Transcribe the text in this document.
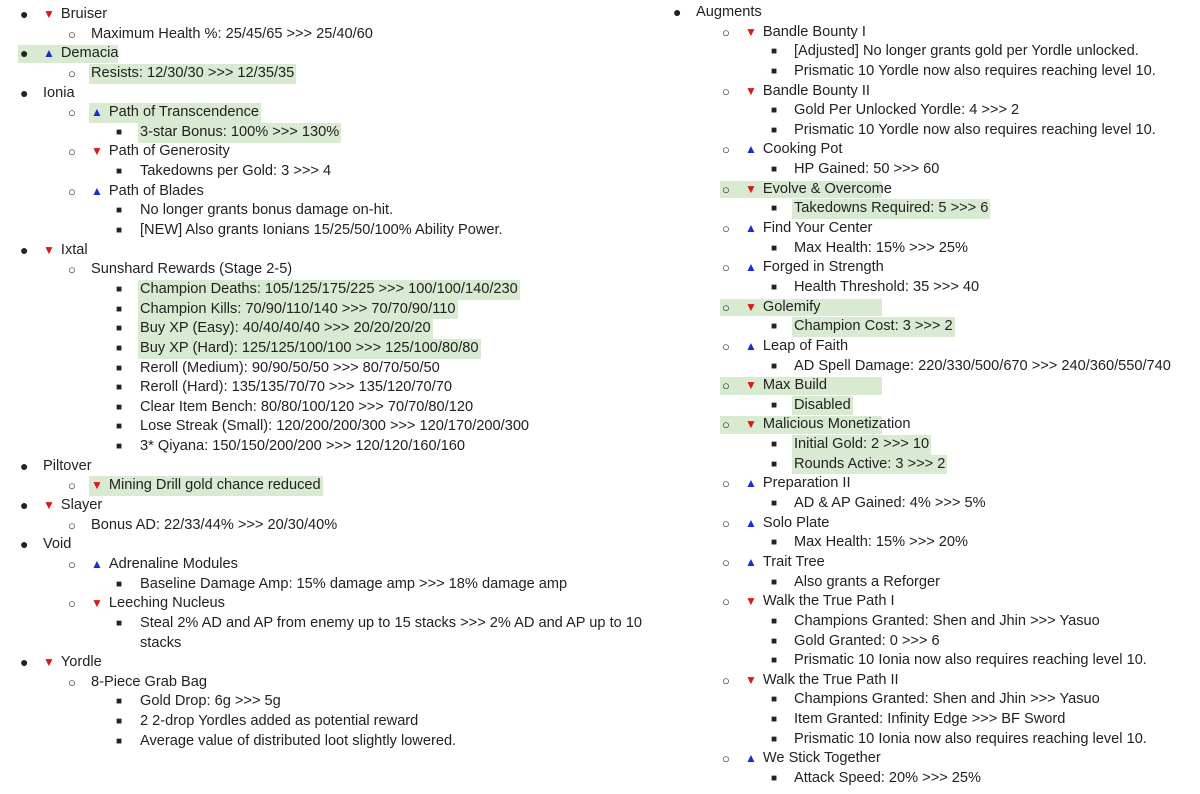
● ▼ Bruiser
○ Maximum Health %: 25/45/65 >>> 25/40/60
● ▲ Demacia
○ Resists: 12/30/30 >>> 12/35/35
● Ionia
○ ▲ Path of Transcendence
■ 3-star Bonus: 100% >>> 130%
○ ▼ Path of Generosity
■ Takedowns per Gold: 3 >>> 4
○ ▲ Path of Blades
■ No longer grants bonus damage on-hit.
■ [NEW] Also grants Ionians 15/25/50/100% Ability Power.
● ▼ Ixtal
○ Sunshard Rewards (Stage 2-5)
■ Champion Deaths: 105/125/175/225 >>> 100/100/140/230
■ Champion Kills: 70/90/110/140 >>> 70/70/90/110
■ Buy XP (Easy): 40/40/40/40 >>> 20/20/20/20
■ Buy XP (Hard): 125/125/100/100 >>> 125/100/80/80
■ Reroll (Medium): 90/90/50/50 >>> 80/70/50/50
■ Reroll (Hard): 135/135/70/70 >>> 135/120/70/70
■ Clear Item Bench: 80/80/100/120 >>> 70/70/80/120
■ Lose Streak (Small): 120/200/200/300 >>> 120/170/200/300
■ 3* Qiyana: 150/150/200/200 >>> 120/120/160/160
● Piltover
○ ▼ Mining Drill gold chance reduced
● ▼ Slayer
○ Bonus AD: 22/33/44% >>> 20/30/40%
● Void
○ ▲ Adrenaline Modules
■ Baseline Damage Amp: 15% damage amp >>> 18% damage amp
○ ▼ Leeching Nucleus
■ Steal 2% AD and AP from enemy up to 15 stacks >>> 2% AD and AP up to 10 stacks
● ▼ Yordle
○ 8-Piece Grab Bag
■ Gold Drop: 6g >>> 5g
■ 2 2-drop Yordles added as potential reward
■ Average value of distributed loot slightly lowered.
● Augments
○ ▼ Bandle Bounty I
■ [Adjusted] No longer grants gold per Yordle unlocked.
■ Prismatic 10 Yordle now also requires reaching level 10.
○ ▼ Bandle Bounty II
■ Gold Per Unlocked Yordle: 4 >>> 2
■ Prismatic 10 Yordle now also requires reaching level 10.
○ ▲ Cooking Pot
■ HP Gained: 50 >>> 60
○ ▼ Evolve & Overcome
■ Takedowns Required: 5 >>> 6
○ ▲ Find Your Center
■ Max Health: 15% >>> 25%
○ ▲ Forged in Strength
■ Health Threshold: 35 >>> 40
○ ▼ Golemify
■ Champion Cost: 3 >>> 2
○ ▲ Leap of Faith
■ AD Spell Damage: 220/330/500/670 >>> 240/360/550/740
○ ▼ Max Build
■ Disabled
○ ▼ Malicious Monetization
■ Initial Gold: 2 >>> 10
■ Rounds Active: 3 >>> 2
○ ▲ Preparation II
■ AD & AP Gained: 4% >>> 5%
○ ▲ Solo Plate
■ Max Health: 15% >>> 20%
○ ▲ Trait Tree
■ Also grants a Reforger
○ ▼ Walk the True Path I
■ Champions Granted: Shen and Jhin >>> Yasuo
■ Gold Granted: 0 >>> 6
■ Prismatic 10 Ionia now also requires reaching level 10.
○ ▼ Walk the True Path II
■ Champions Granted: Shen and Jhin >>> Yasuo
■ Item Granted: Infinity Edge >>> BF Sword
■ Prismatic 10 Ionia now also requires reaching level 10.
○ ▲ We Stick Together
■ Attack Speed: 20% >>> 25%
